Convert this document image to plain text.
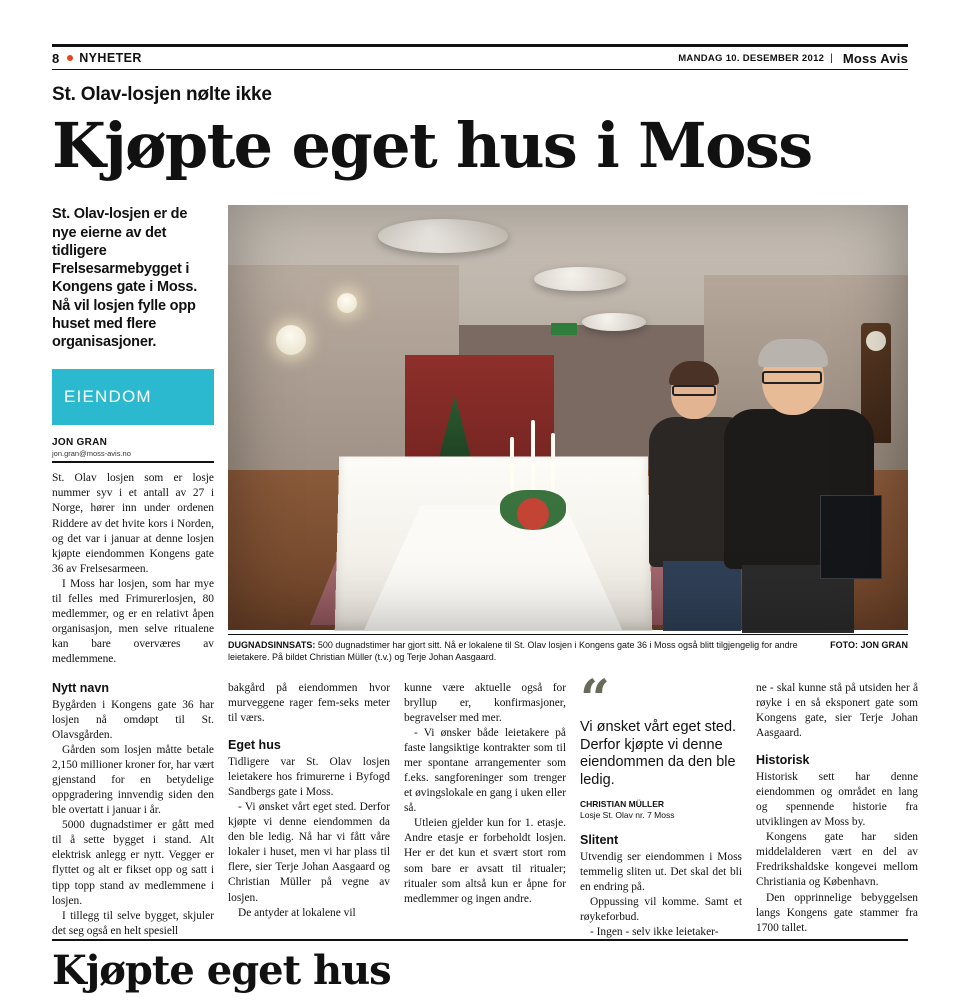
8 NYHETER	MANDAG 10. DESEMBER 2012 | Moss Avis
St. Olav-losjen nølte ikke
Kjøpte eget hus i Moss
St. Olav-losjen er de nye eierne av det tidligere Frelsesarmebygget i Kongens gate i Moss. Nå vil losjen fylle opp huset med flere organisasjoner.
EIENDOM
JON GRAN
jon.gran@moss-avis.no

St. Olav losjen som er losje nummer syv i et antall av 27 i Norge, hører inn under ordenen Riddere av det hvite kors i Norden, og det var i januar at denne losjen kjøpte eiendommen Kongens gate 36 av Frelsesarmeen.

I Moss har losjen, som har mye til felles med Frimurerlosjen, 80 medlemmer, og er en relativt åpen organisasjon, men selve ritualene kan bare overværes av medlemmene.

DUGNADSINNSATS: 500 dugnadstimer har gjort sitt. Nå er lokalene til St. Olav losjen i Kongens gate 36 i Moss også blitt tilgjengelig for andre leietakere. På bildet Christian Müller (t.v.) og Terje Johan Aasgaard.
FOTO: JON GRAN
Nytt navn

Bygården i Kongens gate 36 har losjen nå omdøpt til St. Olavsgården.

Gården som losjen måtte betale 2,150 millioner kroner for, har vært gjenstand for en betydelige oppgradering innvendig siden den ble overtatt i januar i år.

5000 dugnadstimer er gått med til å sette bygget i stand. Alt elektrisk anlegg er nytt. Vegger er flyttet og alt er fikset opp og satt i tipp topp stand av medlemmene i losjen.

I tillegg til selve bygget, skjuler det seg også en helt spesiell

bakgård på eiendommen hvor murveggene rager fem-seks meter til værs.

Eget hus

Tidligere var St. Olav losjen leietakere hos frimurerne i Byfogd Sandbergs gate i Moss.

- Vi ønsket vårt eget sted. Derfor kjøpte vi denne eiendommen da den ble ledig. Nå har vi fått våre lokaler i huset, men vi har plass til flere, sier Terje Johan Aasgaard og Christian Müller på vegne av losjen.

De antyder at lokalene vil

kunne være aktuelle også for bryllup er, konfirmasjoner, begravelser med mer.

- Vi ønsker både leietakere på faste langsiktige kontrakter som til mer spontane arrangementer som f.eks. sangforeninger som trenger et øvingslokale en gang i uken eller så.

Utleien gjelder kun for 1. etasje. Andre etasje er forbeholdt losjen. Her er det kun et svært stort rom som bare er avsatt til ritualer; ritualer som altså kun er åpne for medlemmer og ingen andre.

“
Vi ønsket vårt eget sted. Derfor kjøpte vi denne eiendommen da den ble ledig.
CHRISTIAN MÜLLER
Losje St. Olav nr. 7 Moss
Slitent

Utvendig ser eiendommen i Moss temmelig sliten ut. Det skal det bli en endring på.

Oppussing vil komme. Samt et røykeforbud.

- Ingen - selv ikke leietaker-

ne - skal kunne stå på utsiden her å røyke i en så eksponert gate som Kongens gate, sier Terje Johan Aasgaard.

Historisk

Historisk sett har denne eiendommen og området en lang og spennende historie fra utviklingen av Moss by.

Kongens gate har siden middelalderen vært en del av Fredrikshaldske kongevei mellom Christiania og København.

Den opprinnelige bebyggelsen langs Kongens gate stammer fra 1700 tallet.

Kjøpte eget hus
